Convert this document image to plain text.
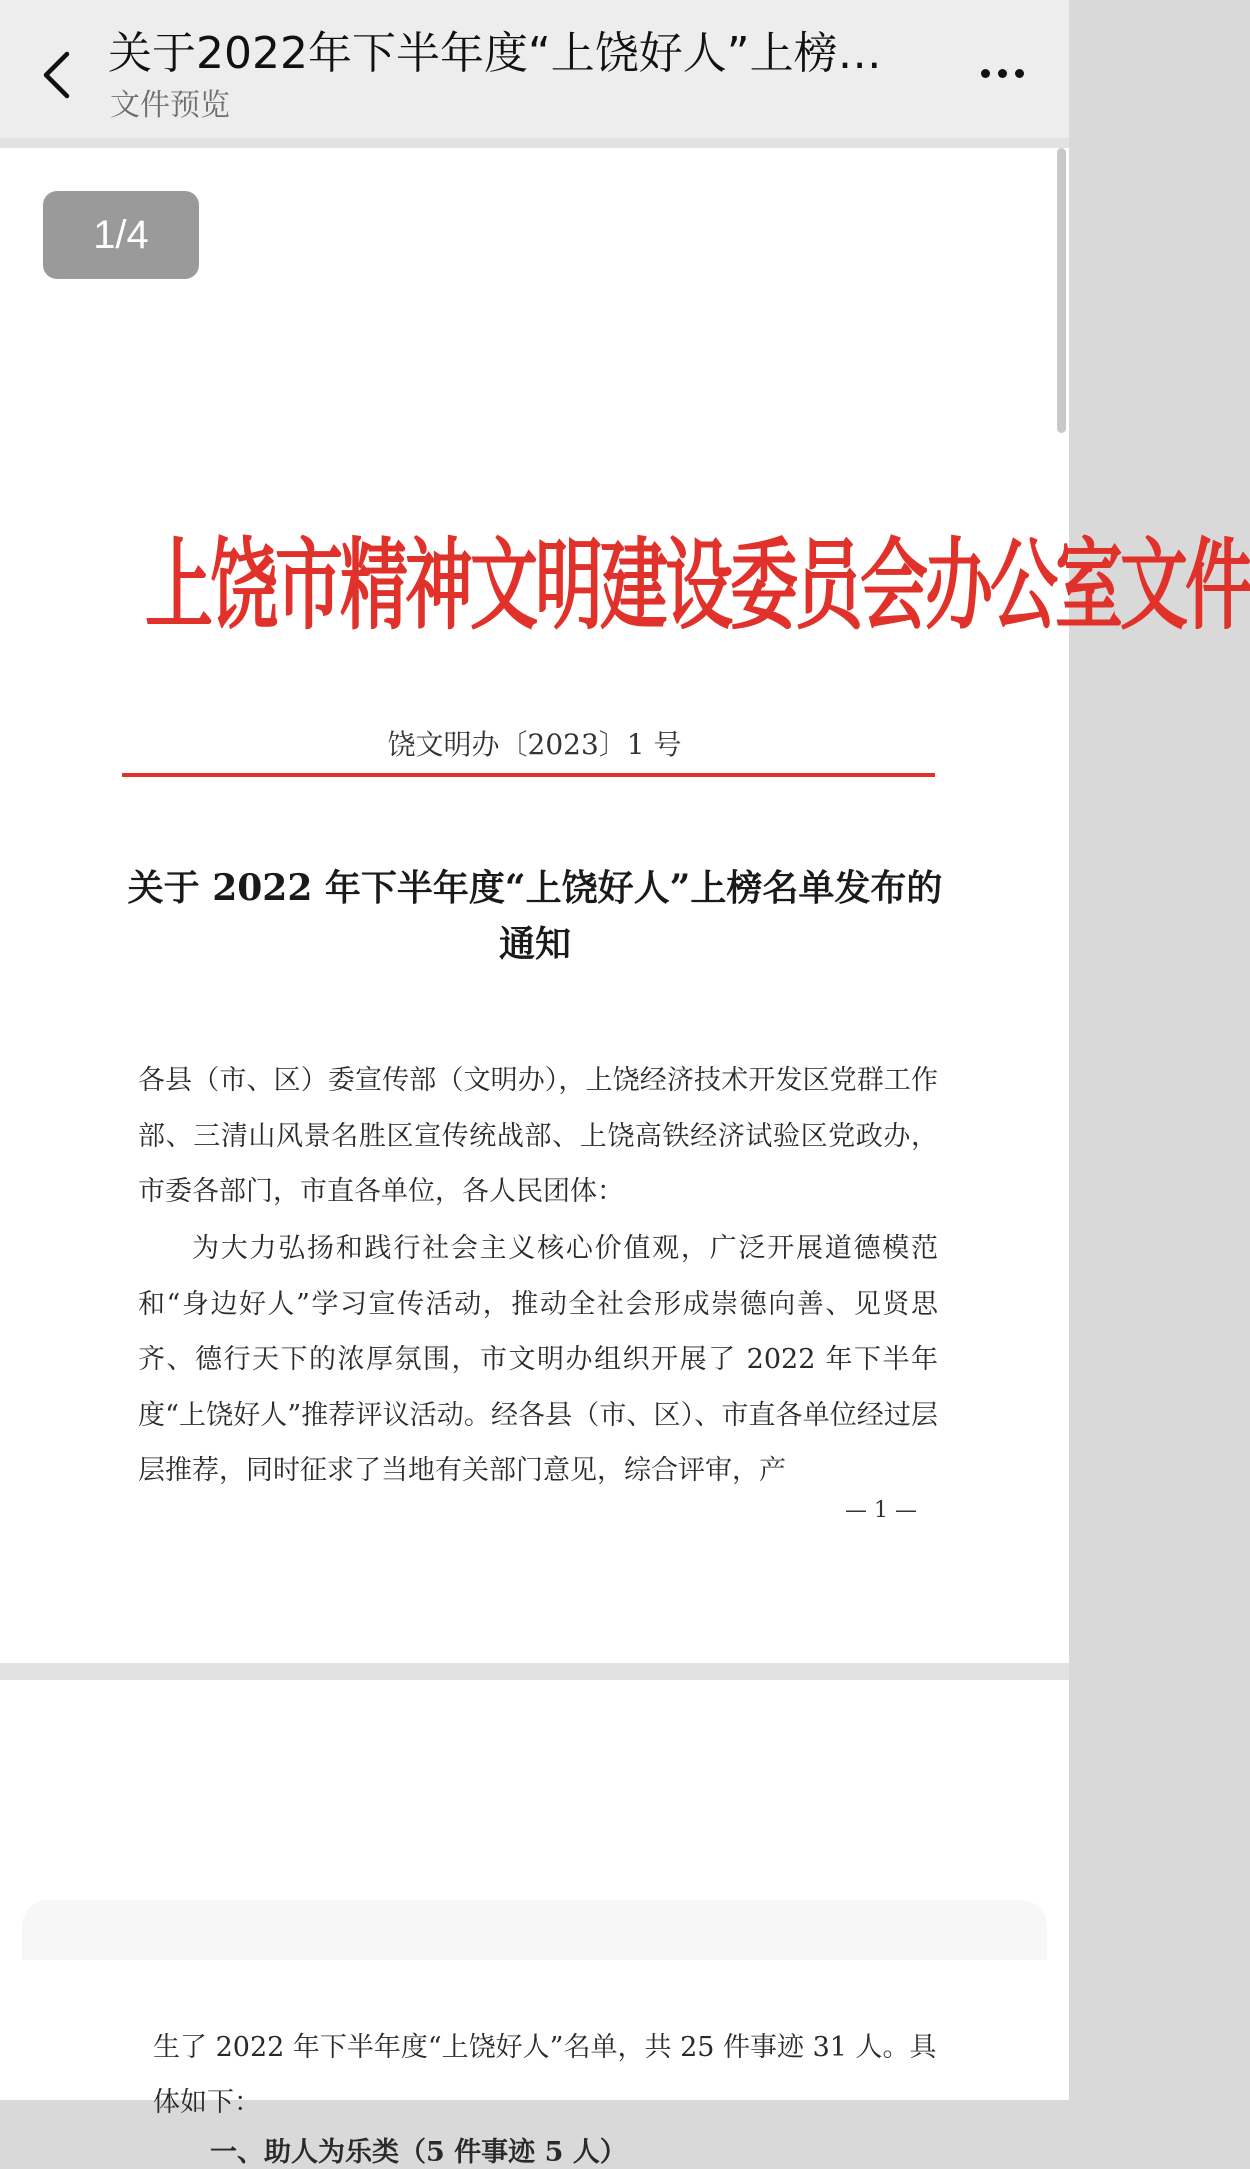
关于2022年下半年度“上饶好人”上榜…
文件预览
1/4
上饶市精神文明建设委员会办公室文件
饶文明办〔2023〕1 号
关于 2022 年下半年度“上饶好人”上榜名单发布的通知
各县（市、区）委宣传部（文明办），上饶经济技术开发区党群工作部、三清山风景名胜区宣传统战部、上饶高铁经济试验区党政办，市委各部门，市直各单位，各人民团体：
为大力弘扬和践行社会主义核心价值观，广泛开展道德模范和“身边好人”学习宣传活动，推动全社会形成崇德向善、见贤思齐、德行天下的浓厚氛围，市文明办组织开展了 2022 年下半年度“上饶好人”推荐评议活动。经各县（市、区）、市直各单位经过层层推荐，同时征求了当地有关部门意见，综合评审，产
— 1 —
生了 2022 年下半年度“上饶好人”名单，共 25 件事迹 31 人。具体如下：
一、助人为乐类（5 件事迹 5 人）
